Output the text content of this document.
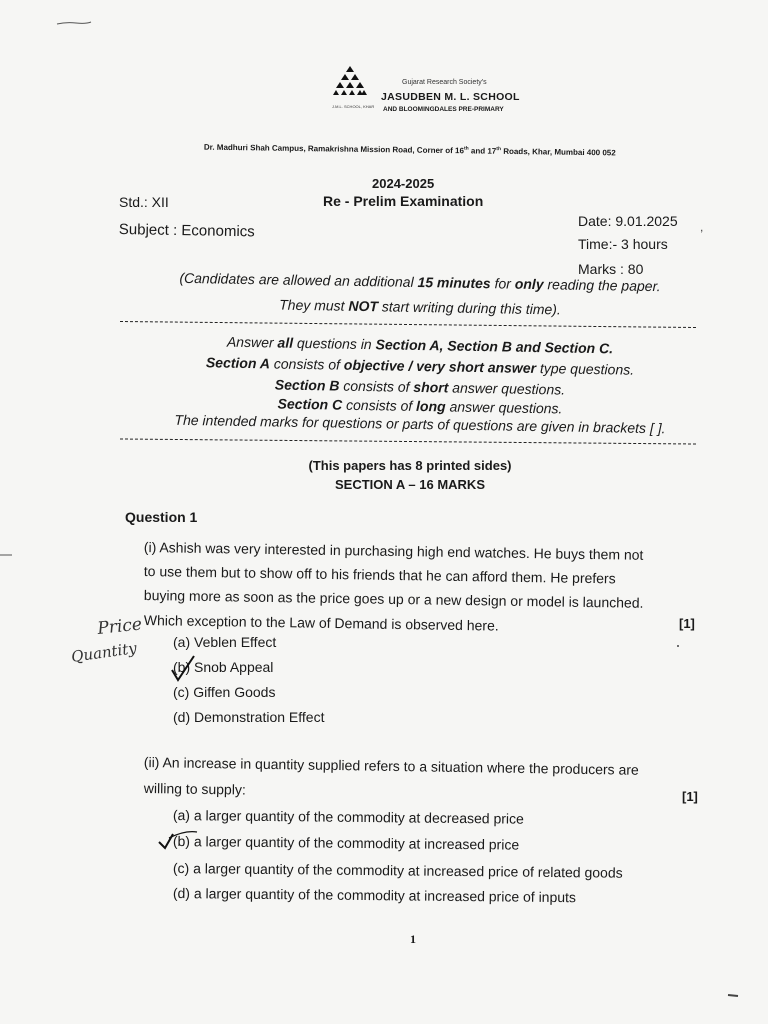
J.M.L. SCHOOL, KHAR
Gujarat Research Society's
JASUDBEN M. L. SCHOOL
AND BLOOMINGDALES PRE-PRIMARY
Dr. Madhuri Shah Campus, Ramakrishna Mission Road, Corner of 16th and 17th Roads, Khar, Mumbai 400 052
2024-2025
Re - Prelim Examination
Std.: XII
Subject : Economics	Date: 9.01.2025 ,
Time:- 3 hours
Marks : 80
(Candidates are allowed an additional 15 minutes for only reading the paper.
They must NOT start writing during this time).
Answer all questions in Section A, Section B and Section C.
Section A consists of objective / very short answer type questions.
Section B consists of short answer questions.
Section C consists of long answer questions.
The intended marks for questions or parts of questions are given in brackets [ ].
(This papers has 8 printed sides)
SECTION A – 16 MARKS
Question 1
(i) Ashish was very interested in purchasing high end watches. He buys them not
to use them but to show off to his friends that he can afford them. He prefers
buying more as soon as the price goes up or a new design or model is launched.
Which exception to the Law of Demand is observed here.	[1]
(a) Veblen Effect
(b) Snob Appeal
(c) Giffen Goods
(d) Demonstration Effect
Price
Quantity
(ii) An increase in quantity supplied refers to a situation where the producers are
willing to supply:	[1]
(a) a larger quantity of the commodity at decreased price
(b) a larger quantity of the commodity at increased price
(c) a larger quantity of the commodity at increased price of related goods
(d) a larger quantity of the commodity at increased price of inputs
1
